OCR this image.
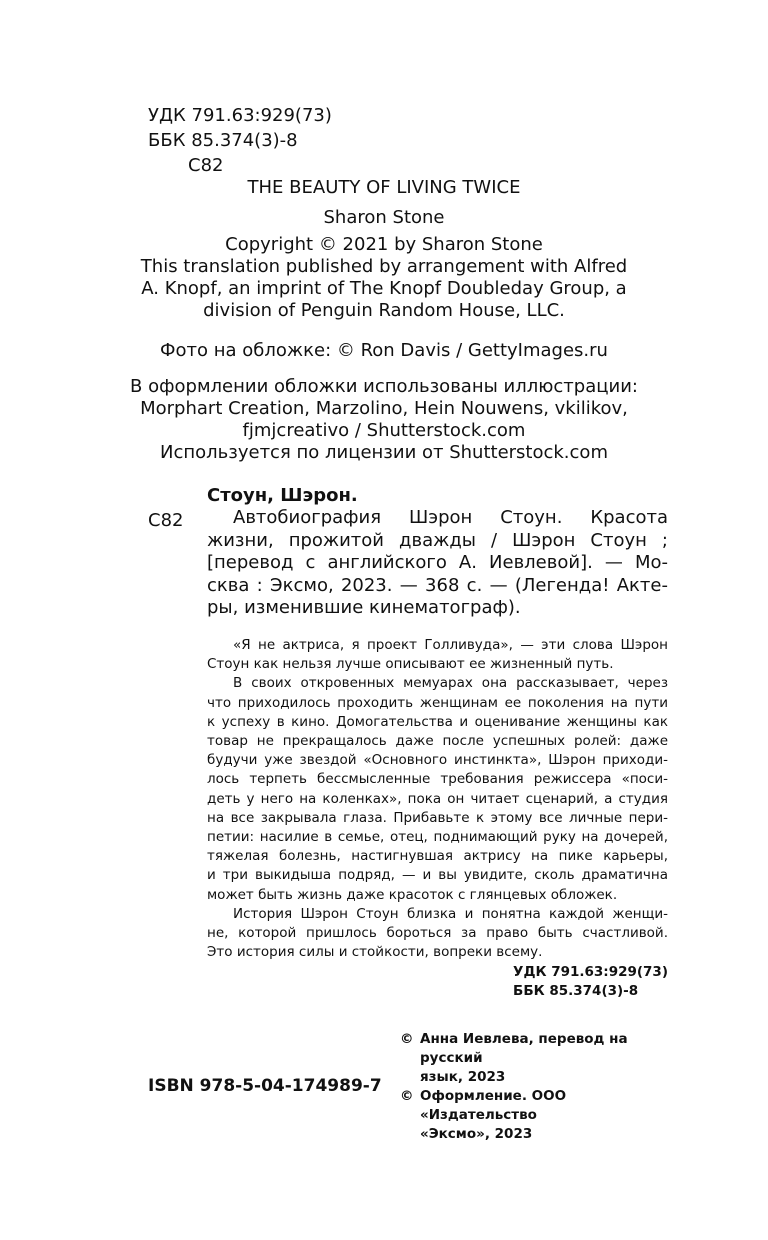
УДК 791.63:929(73)
ББК 85.374(3)-8
С82
THE BEAUTY OF LIVING TWICE
Sharon Stone
Copyright © 2021 by Sharon Stone
This translation published by arrangement with Alfred
A. Knopf, an imprint of The Knopf Doubleday Group, a
division of Penguin Random House, LLC.
Фото на обложке: © Ron Davis / GettyImages.ru
В оформлении обложки использованы иллюстрации:
Morphart Creation, Marzolino, Hein Nouwens, vkilikov,
fjmjcreativo / Shutterstock.com
Используется по лицензии от Shutterstock.com
Стоун, Шэрон.
С82	Автобиография Шэрон Стоун. Красота
жизни, прожитой дважды / Шэрон Стоун ;
[перевод с английского А. Иевлевой]. — Мо-
сква : Эксмо, 2023. — 368 с. — (Легенда! Акте-
ры, изменившие кинематограф).
«Я не актриса, я проект Голливуда», — эти слова Шэрон
Стоун как нельзя лучше описывают ее жизненный путь.
В своих откровенных мемуарах она рассказывает, через
что приходилось проходить женщинам ее поколения на пути
к успеху в кино. Домогательства и оценивание женщины как
товар не прекращалось даже после успешных ролей: даже
будучи уже звездой «Основного инстинкта», Шэрон приходи-
лось терпеть бессмысленные требования режиссера «поси-
деть у него на коленках», пока он читает сценарий, а студия
на все закрывала глаза. Прибавьте к этому все личные пери-
петии: насилие в семье, отец, поднимающий руку на дочерей,
тяжелая болезнь, настигнувшая актрису на пике карьеры,
и три выкидыша подряд, — и вы увидите, сколь драматична
может быть жизнь даже красоток с глянцевых обложек.
История Шэрон Стоун близка и понятна каждой женщи-
не, которой пришлось бороться за право быть счастливой.
Это история силы и стойкости, вопреки всему.
УДК 791.63:929(73)
ББК 85.374(3)-8
© Анна Иевлева, перевод на русский
язык, 2023
© Оформление. ООО «Издательство
«Эксмо», 2023
ISBN 978-5-04-174989-7
